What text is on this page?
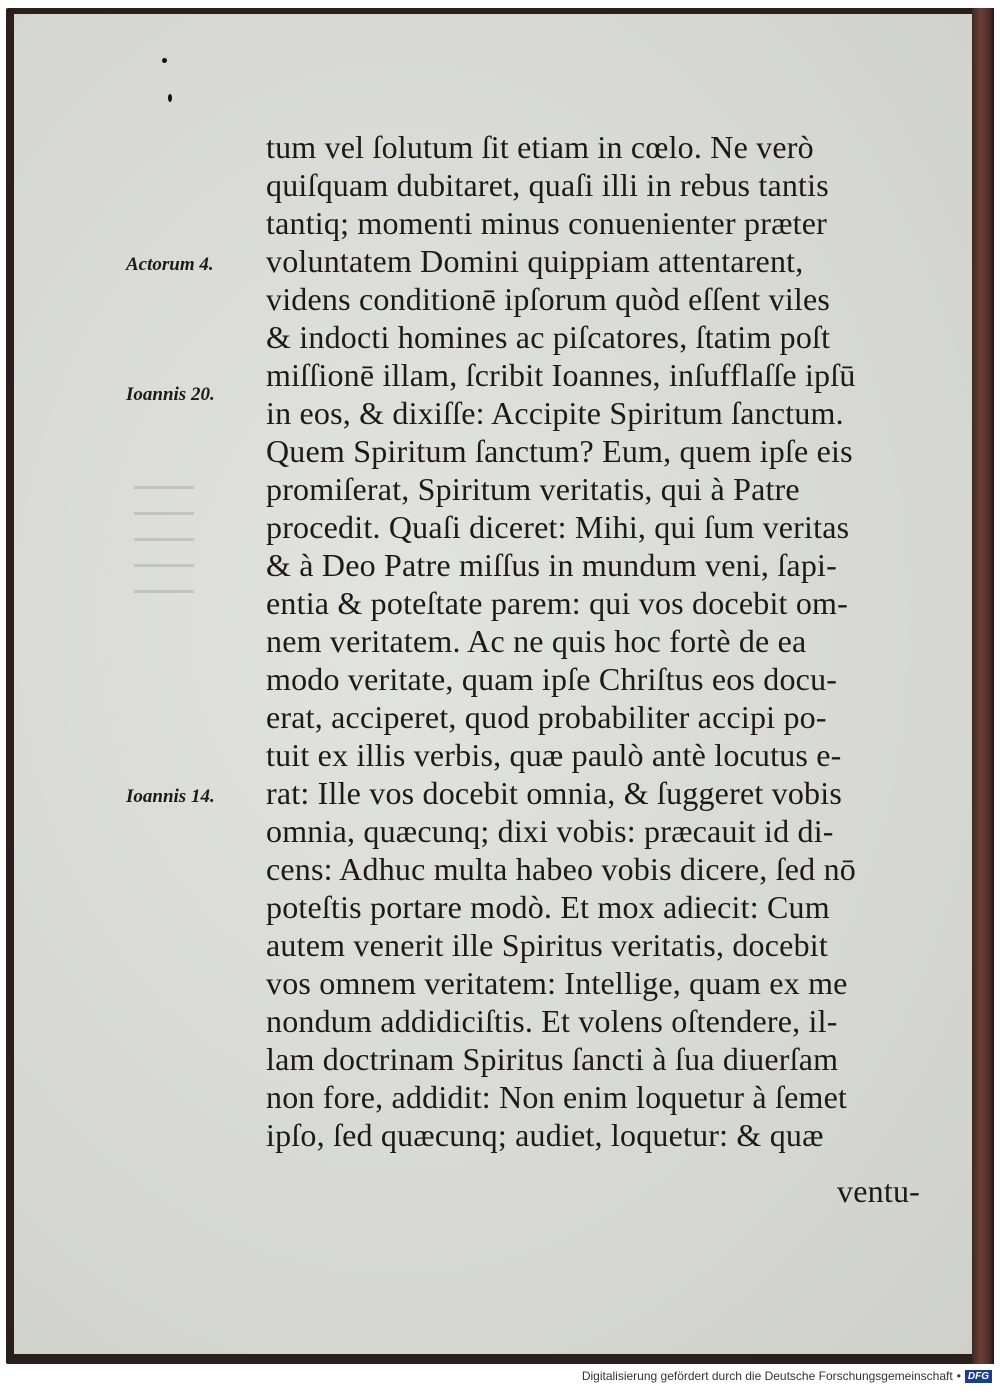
Actorum 4.
Ioannis 20.
Ioannis 14.
tum vel ſolutum ſit etiam in cœlo. Ne verò
quiſquam dubitaret, quaſi illi in rebus tantis
tantiq; momenti minus conuenienter præter
voluntatem Domini quippiam attentarent,
videns conditionē ipſorum quòd eſſent viles
& indocti homines ac piſcatores, ſtatim poſt
miſſionē illam, ſcribit Ioannes, inſufflaſſe ipſū
in eos, & dixiſſe: Accipite Spiritum ſanctum.
Quem Spiritum ſanctum? Eum, quem ipſe eis
promiſerat, Spiritum veritatis, qui à Patre
procedit. Quaſi diceret: Mihi, qui ſum veritas
& à Deo Patre miſſus in mundum veni, ſapi-
entia & poteſtate parem: qui vos docebit om-
nem veritatem. Ac ne quis hoc fortè de ea
modo veritate, quam ipſe Chriſtus eos docu-
erat, acciperet, quod probabiliter accipi po-
tuit ex illis verbis, quæ paulò antè locutus e-
rat: Ille vos docebit omnia, & ſuggeret vobis
omnia, quæcunq; dixi vobis: præcauit id di-
cens: Adhuc multa habeo vobis dicere, ſed nō
poteſtis portare modò. Et mox adiecit: Cum
autem venerit ille Spiritus veritatis, docebit
vos omnem veritatem: Intellige, quam ex me
nondum addidiciſtis. Et volens oſtendere, il-
lam doctrinam Spiritus ſancti à ſua diuerſam
non fore, addidit: Non enim loquetur à ſemet
ipſo, ſed quæcunq; audiet, loquetur: & quæ
ventu-
Digitalisierung gefördert durch die Deutsche Forschungsgemeinschaft • DFG
